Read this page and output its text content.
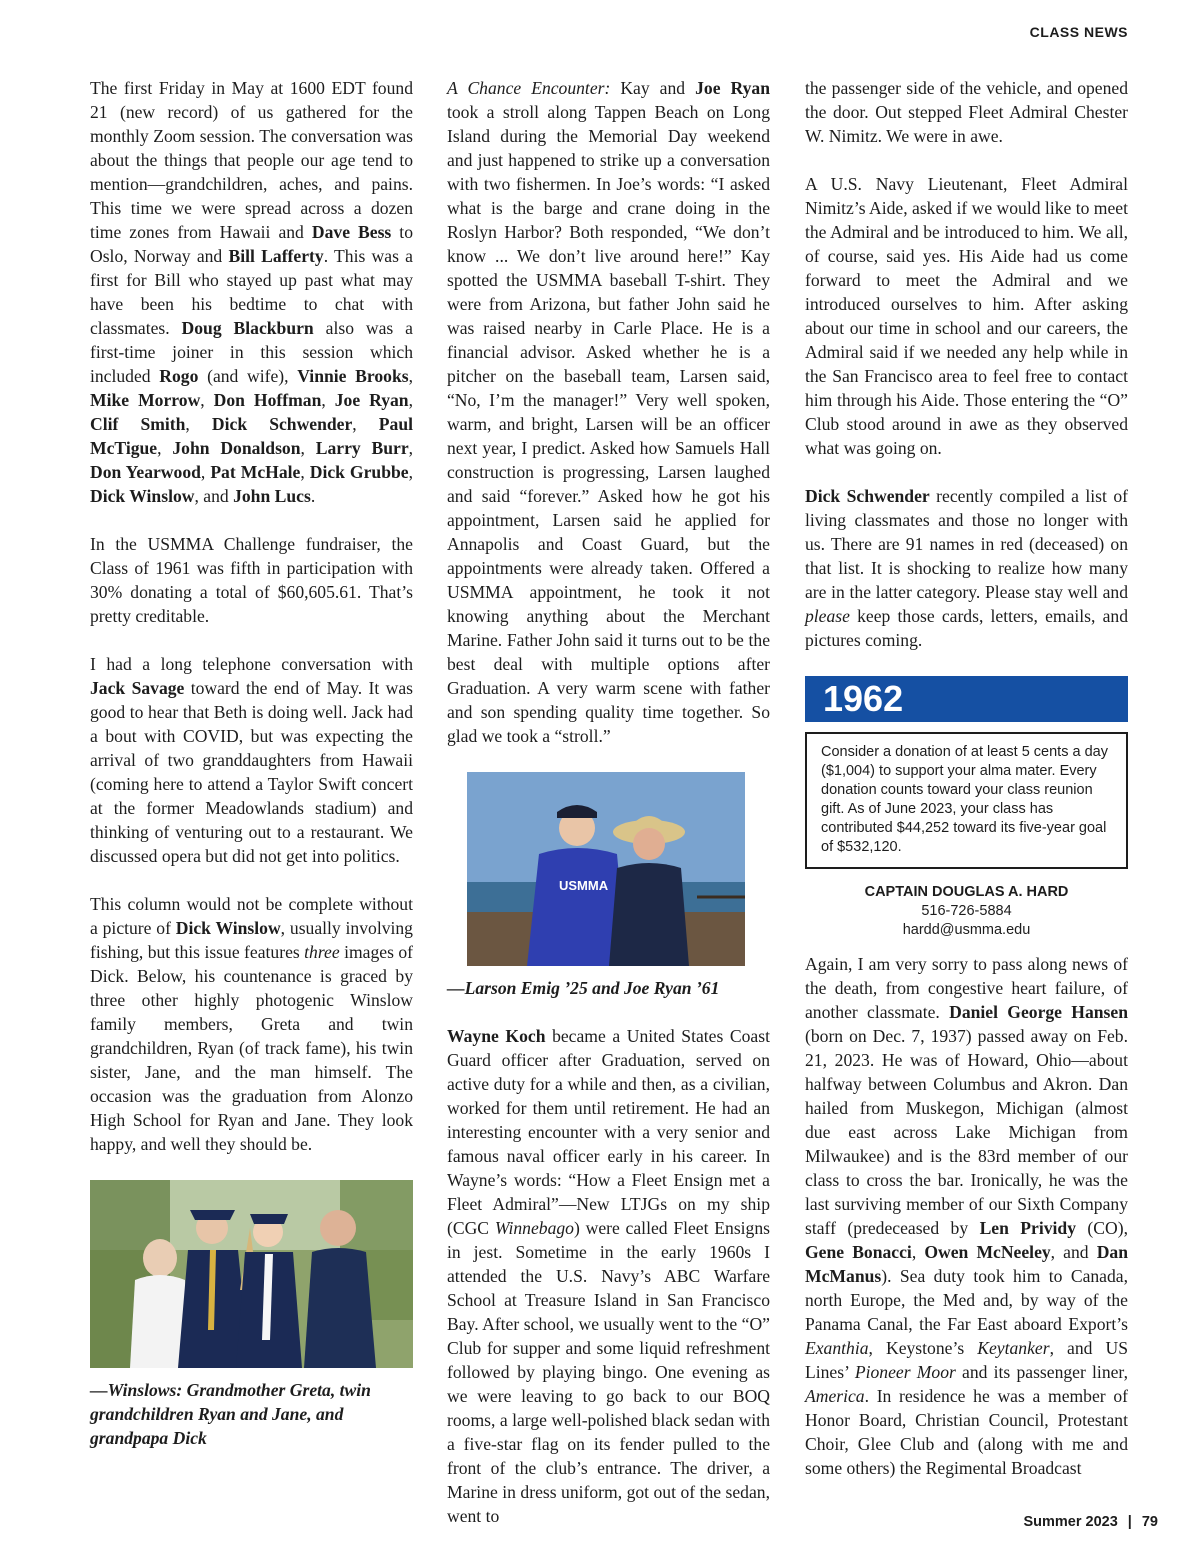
CLASS NEWS

The first Friday in May at 1600 EDT found 21 (new record) of us gathered for the monthly Zoom session. The conversation was about the things that people our age tend to mention—grandchildren, aches, and pains. This time we were spread across a dozen time zones from Hawaii and Dave Bess to Oslo, Norway and Bill Lafferty. This was a first for Bill who stayed up past what may have been his bedtime to chat with classmates. Doug Blackburn also was a first-time joiner in this session which included Rogo (and wife), Vinnie Brooks, Mike Morrow, Don Hoffman, Joe Ryan, Clif Smith, Dick Schwender, Paul McTigue, John Donaldson, Larry Burr, Don Yearwood, Pat McHale, Dick Grubbe, Dick Winslow, and John Lucs.

In the USMMA Challenge fundraiser, the Class of 1961 was fifth in participation with 30% donating a total of $60,605.61. That’s pretty creditable.

I had a long telephone conversation with Jack Savage toward the end of May. It was good to hear that Beth is doing well. Jack had a bout with COVID, but was expecting the arrival of two granddaughters from Hawaii (coming here to attend a Taylor Swift concert at the former Meadowlands stadium) and thinking of venturing out to a restaurant. We discussed opera but did not get into politics.

This column would not be complete without a picture of Dick Winslow, usually involving fishing, but this issue features three images of Dick. Below, his countenance is graced by three other highly photogenic Winslow family members, Greta and twin grandchildren, Ryan (of track fame), his twin sister, Jane, and the man himself. The occasion was the graduation from Alonzo High School for Ryan and Jane. They look happy, and well they should be.

—Winslows: Grandmother Greta, twin grandchildren Ryan and Jane, and grandpapa Dick

A Chance Encounter: Kay and Joe Ryan took a stroll along Tappen Beach on Long Island during the Memorial Day weekend and just happened to strike up a conversation with two fishermen. In Joe’s words: “I asked what is the barge and crane doing in the Roslyn Harbor? Both responded, “We don’t know ... We don’t live around here!” Kay spotted the USMMA baseball T-shirt. They were from Arizona, but father John said he was raised nearby in Carle Place. He is a financial advisor. Asked whether he is a pitcher on the baseball team, Larsen said, “No, I’m the manager!” Very well spoken, warm, and bright, Larsen will be an officer next year, I predict. Asked how Samuels Hall construction is progressing, Larsen laughed and said “forever.” Asked how he got his appointment, Larsen said he applied for Annapolis and Coast Guard, but the appointments were already taken. Offered a USMMA appointment, he took it not knowing anything about the Merchant Marine. Father John said it turns out to be the best deal with multiple options after Graduation. A very warm scene with father and son spending quality time together. So glad we took a “stroll.”

USMMA
—Larson Emig ’25 and Joe Ryan ’61

Wayne Koch became a United States Coast Guard officer after Graduation, served on active duty for a while and then, as a civilian, worked for them until retirement. He had an interesting encounter with a very senior and famous naval officer early in his career. In Wayne’s words: “How a Fleet Ensign met a Fleet Admiral”—New LTJGs on my ship (CGC Winnebago) were called Fleet Ensigns in jest. Sometime in the early 1960s I attended the U.S. Navy’s ABC Warfare School at Treasure Island in San Francisco Bay. After school, we usually went to the “O” Club for supper and some liquid refreshment followed by playing bingo. One evening as we were leaving to go back to our BOQ rooms, a large well-polished black sedan with a five-star flag on its fender pulled to the front of the club’s entrance. The driver, a Marine in dress uniform, got out of the sedan, went to

the passenger side of the vehicle, and opened the door. Out stepped Fleet Admiral Chester W. Nimitz. We were in awe.

A U.S. Navy Lieutenant, Fleet Admiral Nimitz’s Aide, asked if we would like to meet the Admiral and be introduced to him. We all, of course, said yes. His Aide had us come forward to meet the Admiral and we introduced ourselves to him. After asking about our time in school and our careers, the Admiral said if we needed any help while in the San Francisco area to feel free to contact him through his Aide. Those entering the “O” Club stood around in awe as they observed what was going on.

Dick Schwender recently compiled a list of living classmates and those no longer with us. There are 91 names in red (deceased) on that list. It is shocking to realize how many are in the latter category. Please stay well and please keep those cards, letters, emails, and pictures coming.

1962
Consider a donation of at least 5 cents a day ($1,004) to support your alma mater. Every donation counts toward your class reunion gift. As of June 2023, your class has contributed $44,252 toward its five-year goal of $532,120.
CAPTAIN DOUGLAS A. HARD
516-726-5884
hardd@usmma.edu

Again, I am very sorry to pass along news of the death, from congestive heart failure, of another classmate. Daniel George Hansen (born on Dec. 7, 1937) passed away on Feb. 21, 2023. He was of Howard, Ohio—about halfway between Columbus and Akron. Dan hailed from Muskegon, Michigan (almost due east across Lake Michigan from Milwaukee) and is the 83rd member of our class to cross the bar. Ironically, he was the last surviving member of our Sixth Company staff (predeceased by Len Prividy (CO), Gene Bonacci, Owen McNeeley, and Dan McManus). Sea duty took him to Canada, north Europe, the Med and, by way of the Panama Canal, the Far East aboard Export’s Exanthia, Keystone’s Keytanker, and US Lines’ Pioneer Moor and its passenger liner, America. In residence he was a member of Honor Board, Christian Council, Protestant Choir, Glee Club and (along with me and some others) the Regimental Broadcast

Summer 2023 | 79
